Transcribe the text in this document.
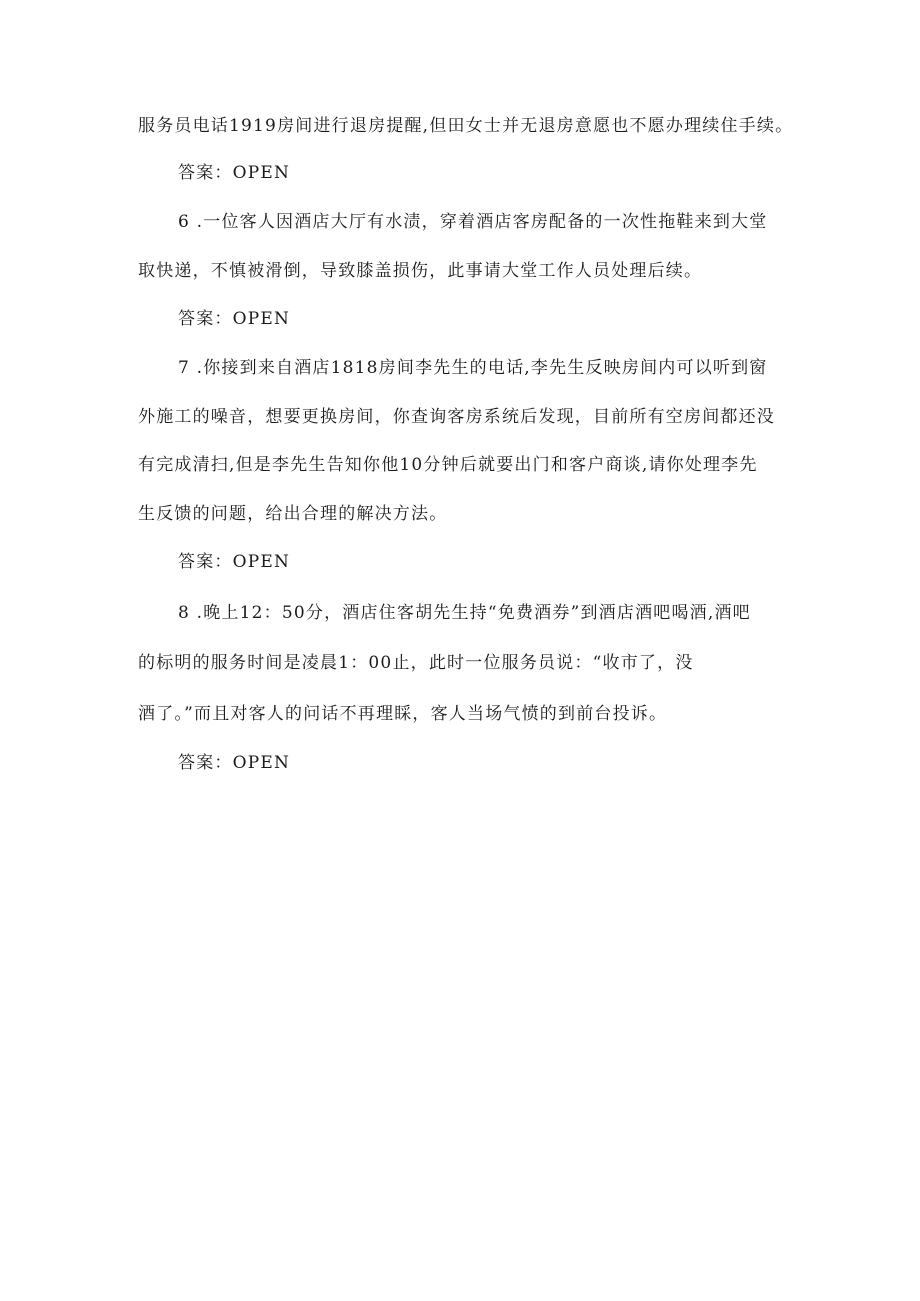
服务员电话1919房间进行退房提醒,但田女士并无退房意愿也不愿办理续住手续。
答案：OPEN
6 .一位客人因酒店大厅有水渍，穿着酒店客房配备的一次性拖鞋来到大堂
取快递，不慎被滑倒，导致膝盖损伤，此事请大堂工作人员处理后续。
答案：OPEN
7 .你接到来自酒店1818房间李先生的电话,李先生反映房间内可以听到窗
外施工的噪音，想要更换房间，你查询客房系统后发现，目前所有空房间都还没
有完成清扫,但是李先生告知你他10分钟后就要出门和客户商谈,请你处理李先
生反馈的问题，给出合理的解决方法。
答案：OPEN
8 .晚上12：50分，酒店住客胡先生持“免费酒券”到酒店酒吧喝酒,酒吧
的标明的服务时间是凌晨1：00止，此时一位服务员说：“收市了，没
酒了。”而且对客人的问话不再理睬，客人当场气愤的到前台投诉。
答案：OPEN
